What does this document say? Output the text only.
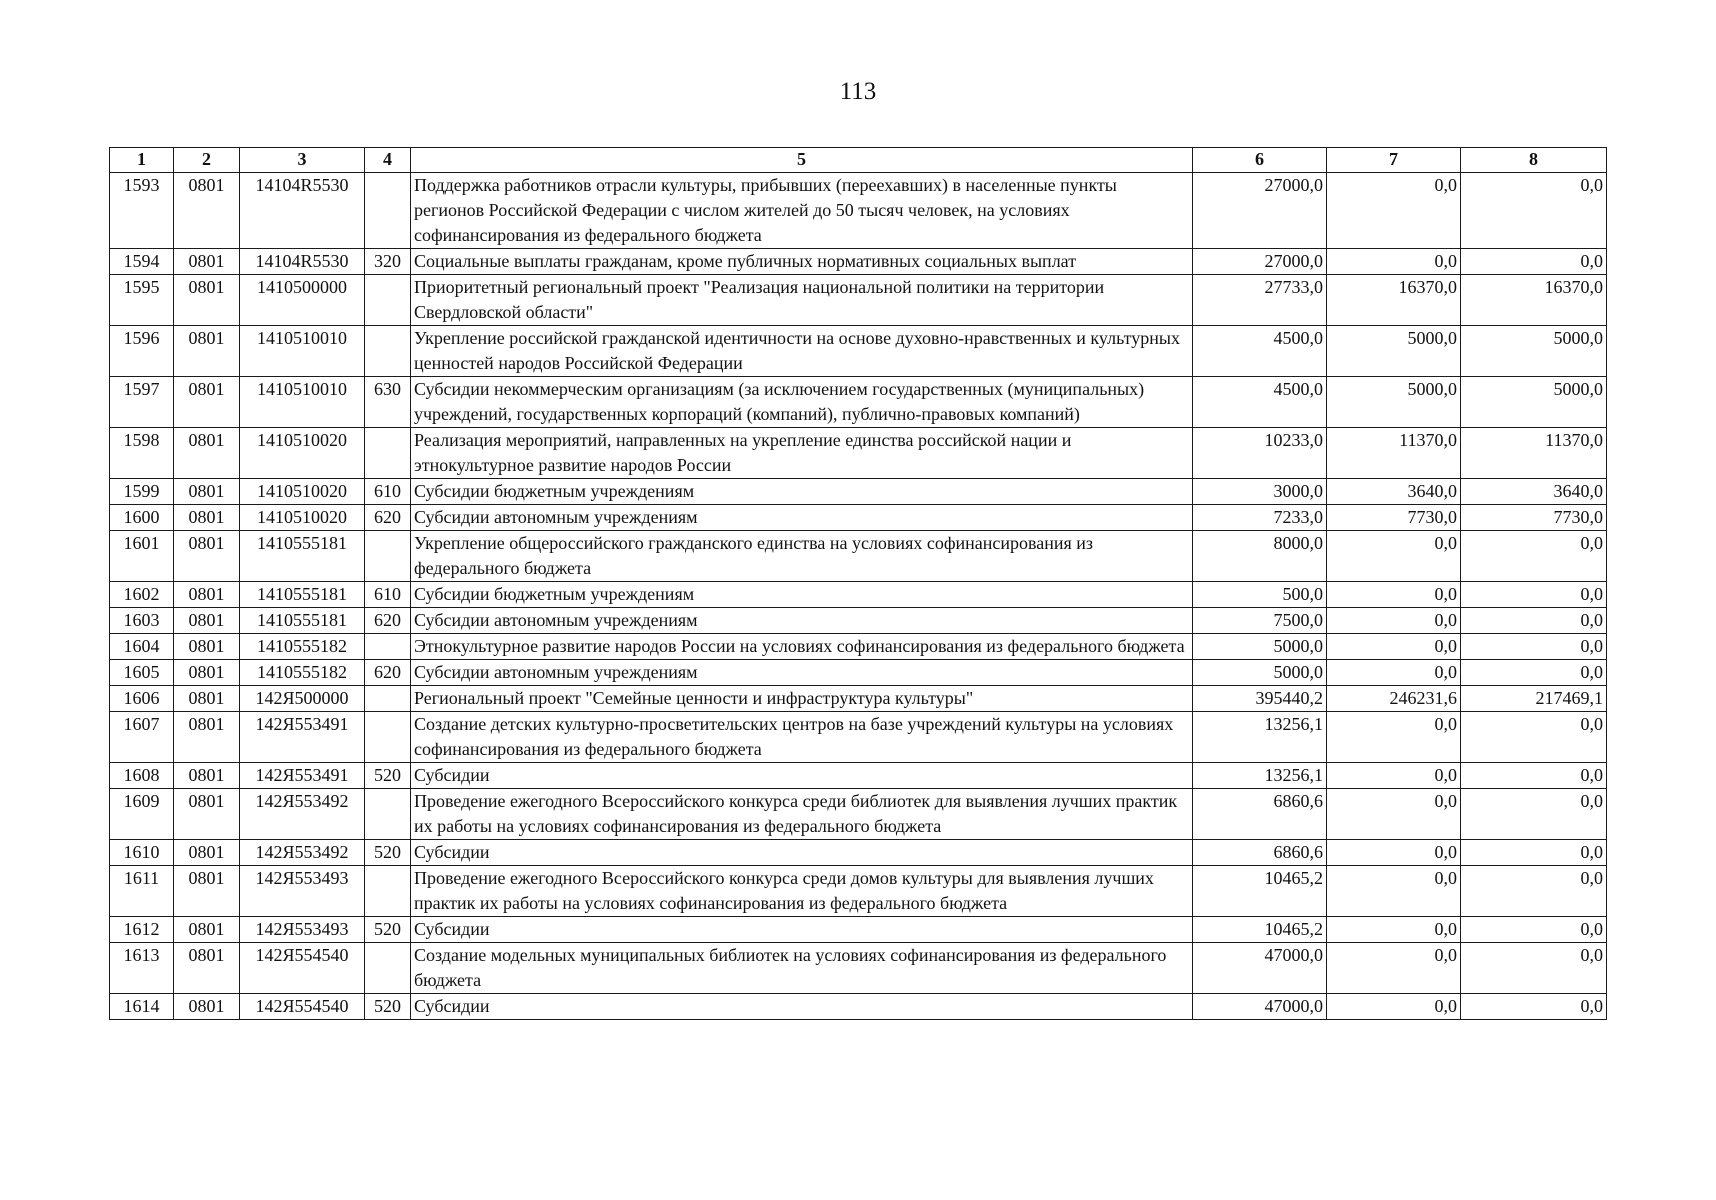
113
1	2	3	4	5	6	7	8
1593	0801	14104R5530		Поддержка работников отрасли культуры, прибывших (переехавших) в населенные пункты регионов Российской Федерации с числом жителей до 50 тысяч человек, на условиях софинансирования из федерального бюджета	27000,0	0,0	0,0
1594	0801	14104R5530	320	Социальные выплаты гражданам, кроме публичных нормативных социальных выплат	27000,0	0,0	0,0
1595	0801	1410500000		Приоритетный региональный проект "Реализация национальной политики на территории Свердловской области"	27733,0	16370,0	16370,0
1596	0801	1410510010		Укрепление российской гражданской идентичности на основе духовно-нравственных и культурных ценностей народов Российской Федерации	4500,0	5000,0	5000,0
1597	0801	1410510010	630	Субсидии некоммерческим организациям (за исключением государственных (муниципальных) учреждений, государственных корпораций (компаний), публично-правовых компаний)	4500,0	5000,0	5000,0
1598	0801	1410510020		Реализация мероприятий, направленных на укрепление единства российской нации и этнокультурное развитие народов России	10233,0	11370,0	11370,0
1599	0801	1410510020	610	Субсидии бюджетным учреждениям	3000,0	3640,0	3640,0
1600	0801	1410510020	620	Субсидии автономным учреждениям	7233,0	7730,0	7730,0
1601	0801	1410555181		Укрепление общероссийского гражданского единства на условиях софинансирования из федерального бюджета	8000,0	0,0	0,0
1602	0801	1410555181	610	Субсидии бюджетным учреждениям	500,0	0,0	0,0
1603	0801	1410555181	620	Субсидии автономным учреждениям	7500,0	0,0	0,0
1604	0801	1410555182		Этнокультурное развитие народов России на условиях софинансирования из федерального бюджета	5000,0	0,0	0,0
1605	0801	1410555182	620	Субсидии автономным учреждениям	5000,0	0,0	0,0
1606	0801	142Я500000		Региональный проект "Семейные ценности и инфраструктура культуры"	395440,2	246231,6	217469,1
1607	0801	142Я553491		Создание детских культурно-просветительских центров на базе учреждений культуры на условиях софинансирования из федерального бюджета	13256,1	0,0	0,0
1608	0801	142Я553491	520	Субсидии	13256,1	0,0	0,0
1609	0801	142Я553492		Проведение ежегодного Всероссийского конкурса среди библиотек для выявления лучших практик их работы на условиях софинансирования из федерального бюджета	6860,6	0,0	0,0
1610	0801	142Я553492	520	Субсидии	6860,6	0,0	0,0
1611	0801	142Я553493		Проведение ежегодного Всероссийского конкурса среди домов культуры для выявления лучших практик их работы на условиях софинансирования из федерального бюджета	10465,2	0,0	0,0
1612	0801	142Я553493	520	Субсидии	10465,2	0,0	0,0
1613	0801	142Я554540		Создание модельных муниципальных библиотек на условиях софинансирования из федерального бюджета	47000,0	0,0	0,0
1614	0801	142Я554540	520	Субсидии	47000,0	0,0	0,0
